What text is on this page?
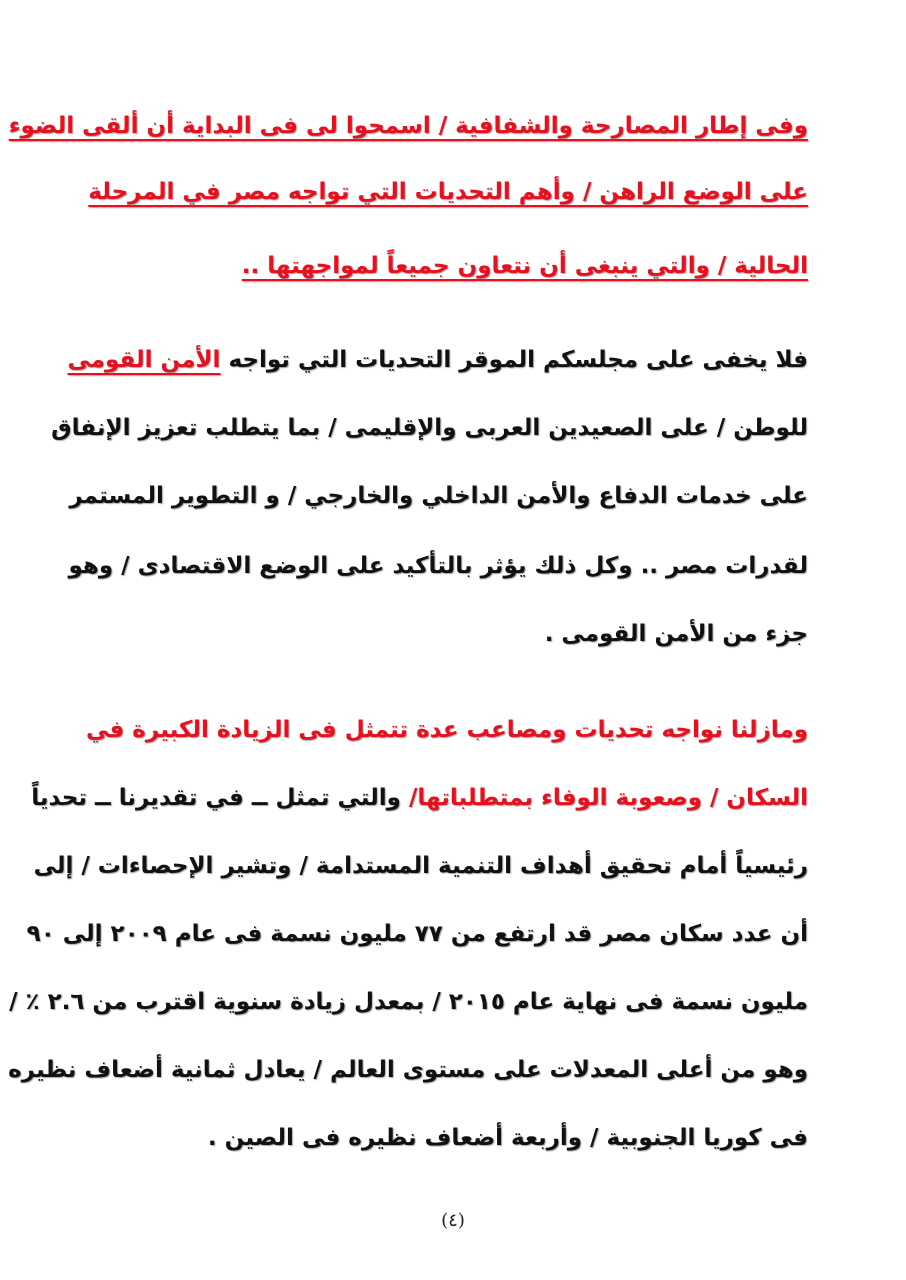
وفى إطار المصارحة والشفافية / اسمحوا لى فى البداية أن ألقى الضوء
على الوضع الراهن / وأهم التحديات التي تواجه مصر في المرحلة
الحالية / والتي ينبغى أن نتعاون جميعاً لمواجهتها ..
فلا يخفى على مجلسكم الموقر التحديات التي تواجه الأمن القومى
للوطن / على الصعيدين العربى والإقليمى / بما يتطلب تعزيز الإنفاق
على خدمات الدفاع والأمن الداخلي والخارجي / و التطوير المستمر
لقدرات مصر .. وكل ذلك يؤثر بالتأكيد على الوضع الاقتصادى / وهو
جزء من الأمن القومى .
ومازلنا نواجه تحديات ومصاعب عدة تتمثل فى الزيادة الكبيرة في
السكان / وصعوبة الوفاء بمتطلباتها/ والتي تمثل ــ في تقديرنا ــ تحدياً
رئيسياً أمام تحقيق أهداف التنمية المستدامة / وتشير الإحصاءات / إلى
أن عدد سكان مصر قد ارتفع من ٧٧ مليون نسمة فى عام ٢٠٠٩ إلى ٩٠
مليون نسمة فى نهاية عام ٢٠١٥ / بمعدل زيادة سنوية اقترب من ٢.٦ ٪ /
وهو من أعلى المعدلات على مستوى العالم / يعادل ثمانية أضعاف نظيره
فى كوريا الجنوبية / وأربعة أضعاف نظيره فى الصين .
(٤)
